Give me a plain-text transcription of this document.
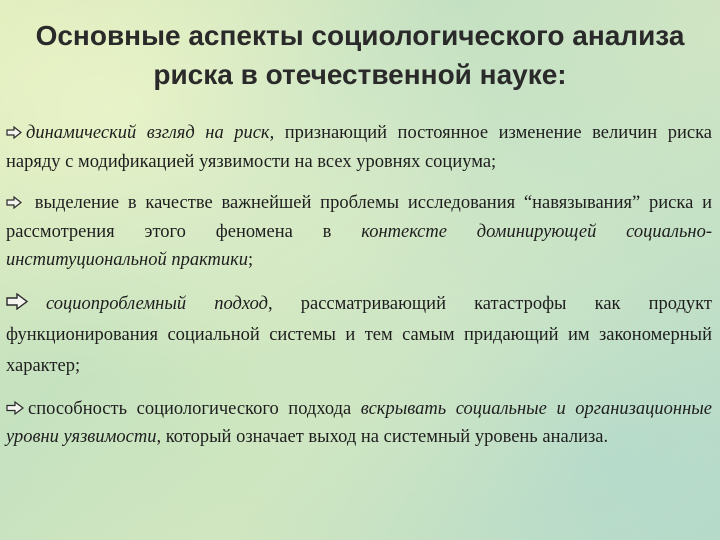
Основные аспекты социологического анализа
риска в отечественной науке:
динамический взгляд на риск, признающий постоянное изменение величин риска наряду с модификацией уязвимости на всех уровнях социума;
выделение в качестве важнейшей проблемы исследования “навязывания” риска и рассмотрения этого феномена в контексте доминирующей социально-институциональной практики;
социопроблемный подход, рассматривающий катастрофы как продукт функционирования социальной системы и тем самым придающий им закономерный характер;
способность социологического подхода вскрывать социальные и организационные уровни уязвимости, который означает выход на системный уровень анализа.
